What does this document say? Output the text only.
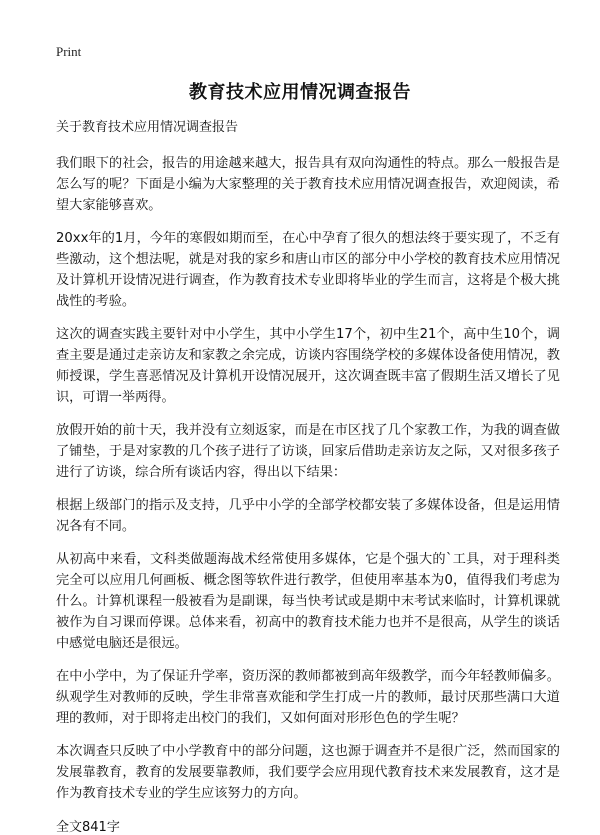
Print
教育技术应用情况调查报告
关于教育技术应用情况调查报告

我们眼下的社会，报告的用途越来越大，报告具有双向沟通性的特点。那么一般报告是怎么写的呢？下面是小编为大家整理的关于教育技术应用情况调查报告，欢迎阅读，希望大家能够喜欢。

20xx年的1月，今年的寒假如期而至，在心中孕育了很久的想法终于要实现了，不乏有些激动，这个想法呢，就是对我的家乡和唐山市区的部分中小学校的教育技术应用情况及计算机开设情况进行调查，作为教育技术专业即将毕业的学生而言，这将是个极大挑战性的考验。

这次的调查实践主要针对中小学生，其中小学生17个，初中生21个，高中生10个，调查主要是通过走亲访友和家教之余完成，访谈内容围绕学校的多媒体设备使用情况，教师授课，学生喜恶情况及计算机开设情况展开，这次调查既丰富了假期生活又增长了见识，可谓一举两得。

放假开始的前十天，我并没有立刻返家，而是在市区找了几个家教工作，为我的调查做了铺垫，于是对家教的几个孩子进行了访谈，回家后借助走亲访友之际，又对很多孩子进行了访谈，综合所有谈话内容，得出以下结果：

根据上级部门的指示及支持，几乎中小学的全部学校都安装了多媒体设备，但是运用情况各有不同。

从初高中来看，文科类做题海战术经常使用多媒体，它是个强大的`工具，对于理科类完全可以应用几何画板、概念图等软件进行教学，但使用率基本为0，值得我们考虑为什么。计算机课程一般被看为是副课，每当快考试或是期中末考试来临时，计算机课就被作为自习课而停课。总体来看，初高中的教育技术能力也并不是很高，从学生的谈话中感觉电脑还是很远。

在中小学中，为了保证升学率，资历深的教师都被到高年级教学，而今年轻教师偏多。纵观学生对教师的反映，学生非常喜欢能和学生打成一片的教师，最讨厌那些满口大道理的教师，对于即将走出校门的我们，又如何面对形形色色的学生呢？

本次调查只反映了中小学教育中的部分问题，这也源于调查并不是很广泛，然而国家的发展靠教育，教育的发展要靠教师，我们要学会应用现代教育技术来发展教育，这才是作为教育技术专业的学生应该努力的方向。

全文841字
